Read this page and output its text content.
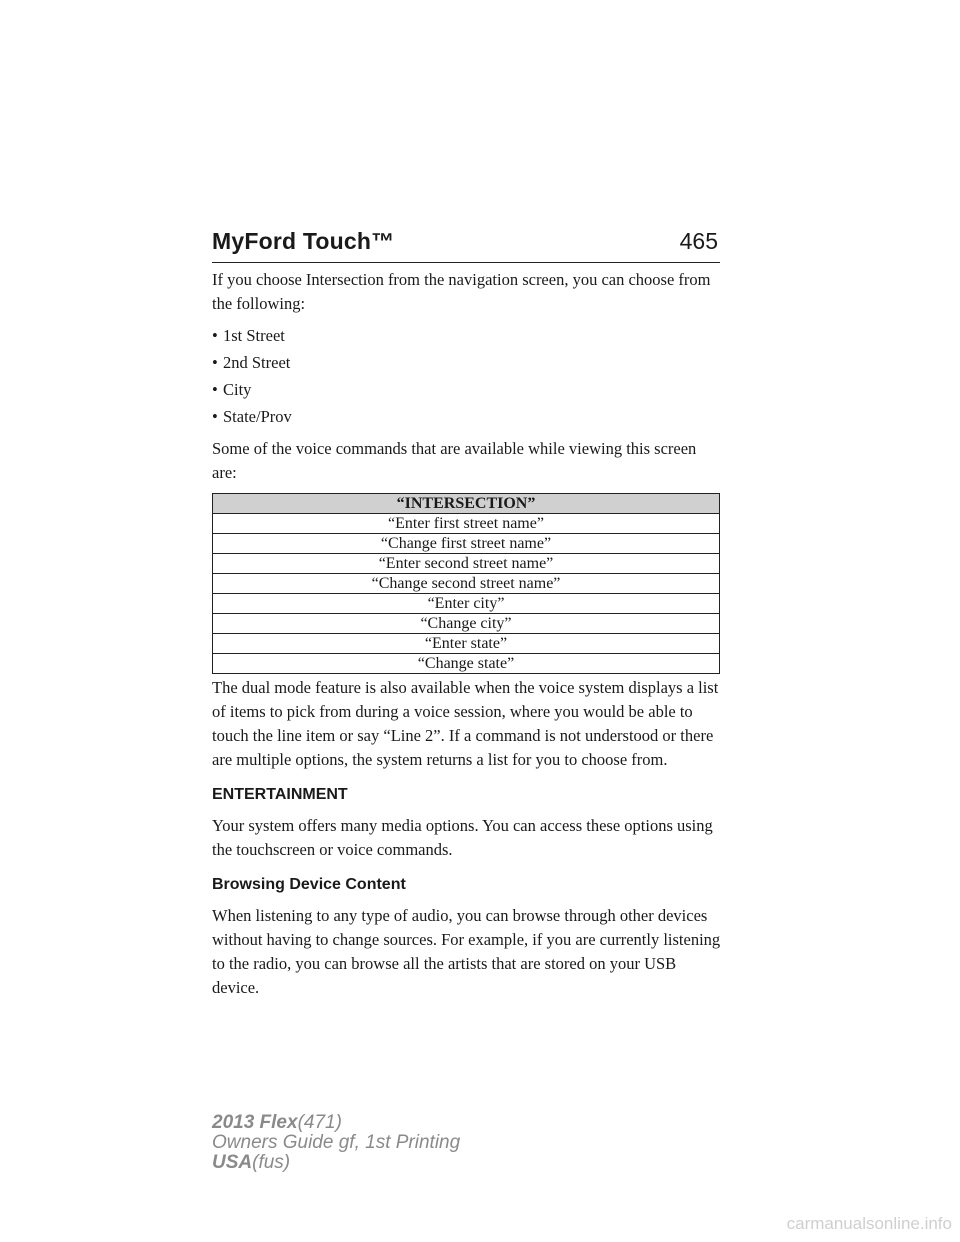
MyFord Touch™	465

If you choose Intersection from the navigation screen, you can choose from the following:

• 1st Street
• 2nd Street
• City
• State/Prov

Some of the voice commands that are available while viewing this screen are:

“INTERSECTION”
“Enter first street name”
“Change first street name”
“Enter second street name”
“Change second street name”
“Enter city”
“Change city”
“Enter state”
“Change state”

The dual mode feature is also available when the voice system displays a list of items to pick from during a voice session, where you would be able to touch the line item or say “Line 2”. If a command is not understood or there are multiple options, the system returns a list for you to choose from.

ENTERTAINMENT

Your system offers many media options. You can access these options using the touchscreen or voice commands.

Browsing Device Content

When listening to any type of audio, you can browse through other devices without having to change sources. For example, if you are currently listening to the radio, you can browse all the artists that are stored on your USB device.

2013 Flex(471)
Owners Guide gf, 1st Printing
USA(fus)
carmanualsonline.info
